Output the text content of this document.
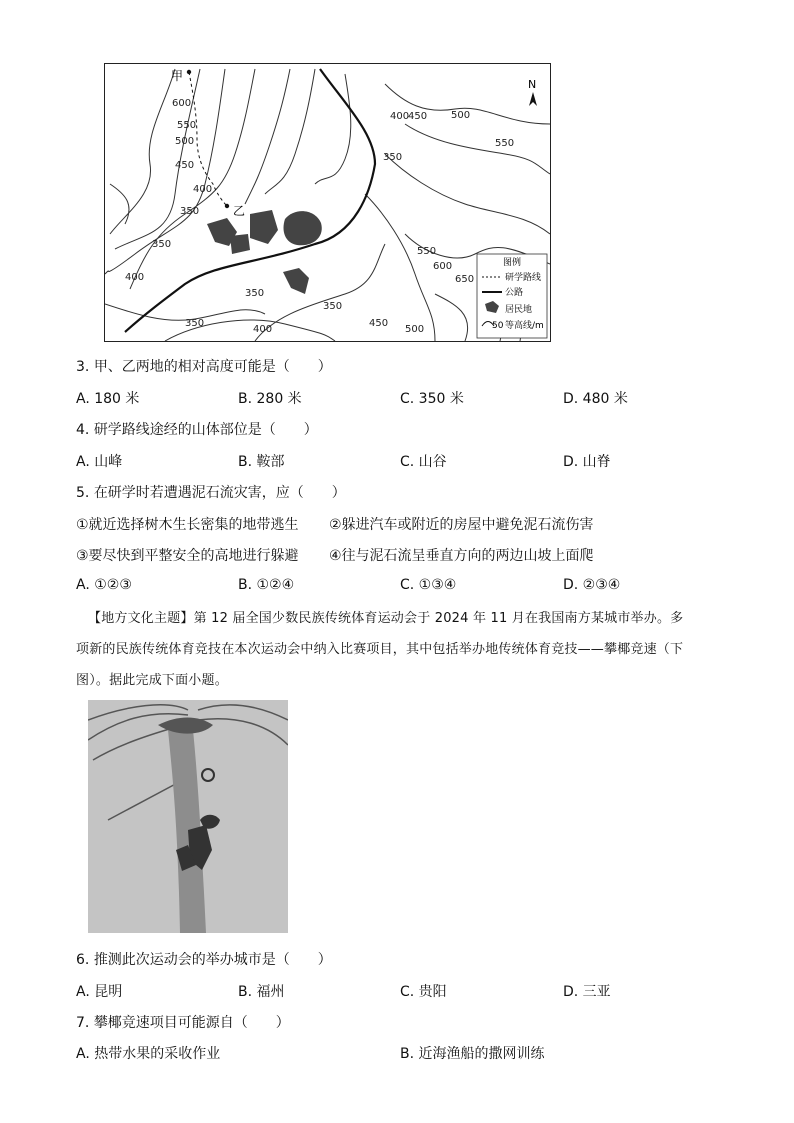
甲
乙
600
550
500
450
400
350
350
350
400
350
350
400
350
400
450
500
550
550
600
650
450 500
N
图例
研学路线
公路
居民地
50 等高线/m
3. 甲、乙两地的相对高度可能是（　　）
A. 180 米	B. 280 米	C. 350 米	D. 480 米
4. 研学路线途经的山体部位是（　　）
A. 山峰	B. 鞍部	C. 山谷	D. 山脊
5. 在研学时若遭遇泥石流灾害，应（　　）
①就近选择树木生长密集的地带逃生 ②躲进汽车或附近的房屋中避免泥石流伤害
③要尽快到平整安全的高地进行躲避 ④往与泥石流呈垂直方向的两边山坡上面爬
A. ①②③	B. ①②④	C. ①③④	D. ②③④
【地方文化主题】第 12 届全国少数民族传统体育运动会于 2024 年 11 月在我国南方某城市举办。多
项新的民族传统体育竞技在本次运动会中纳入比赛项目，其中包括举办地传统体育竞技——攀椰竞速（下
图）。据此完成下面小题。
6. 推测此次运动会的举办城市是（　　）
A. 昆明	B. 福州	C. 贵阳	D. 三亚
7. 攀椰竞速项目可能源自（　　）
A. 热带水果的采收作业	B. 近海渔船的撒网训练
